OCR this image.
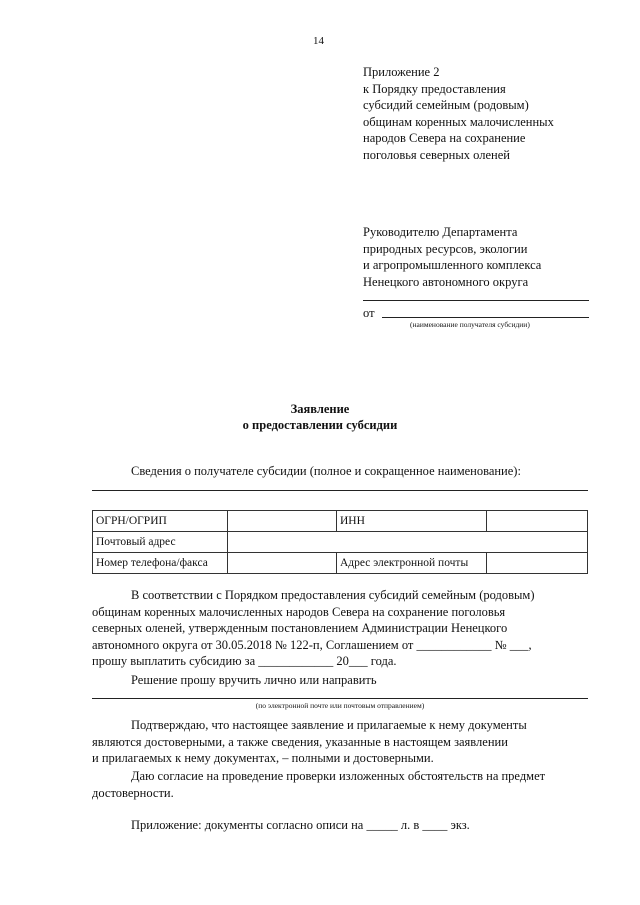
14
Приложение 2
к Порядку предоставления
субсидий семейным (родовым)
общинам коренных малочисленных
народов Севера на сохранение
поголовья северных оленей
Руководителю Департамента
природных ресурсов, экологии
и агропромышленного комплекса
Ненецкого автономного округа
от
(наименование получателя субсидии)
Заявление
о предоставлении субсидии
Сведения о получателе субсидии (полное и сокращенное наименование):
ОГРН/ОГРИП		ИНН	
Почтовый адрес			
Номер телефона/факса		Адрес электронной почты	
В соответствии с Порядком предоставления субсидий семейным (родовым)
общинам коренных малочисленных народов Севера на сохранение поголовья
северных оленей, утвержденным постановлением Администрации Ненецкого
автономного округа от 30.05.2018 № 122-п, Соглашением от ____________ № ___,
прошу выплатить субсидию за ____________ 20___ года.
Решение прошу вручить лично или направить
(по электронной почте или почтовым отправлением)
Подтверждаю, что настоящее заявление и прилагаемые к нему документы
являются достоверными, а также сведения, указанные в настоящем заявлении
и прилагаемых к нему документах, – полными и достоверными.
Даю согласие на проведение проверки изложенных обстоятельств на предмет
достоверности.
Приложение: документы согласно описи на _____ л. в ____ экз.
